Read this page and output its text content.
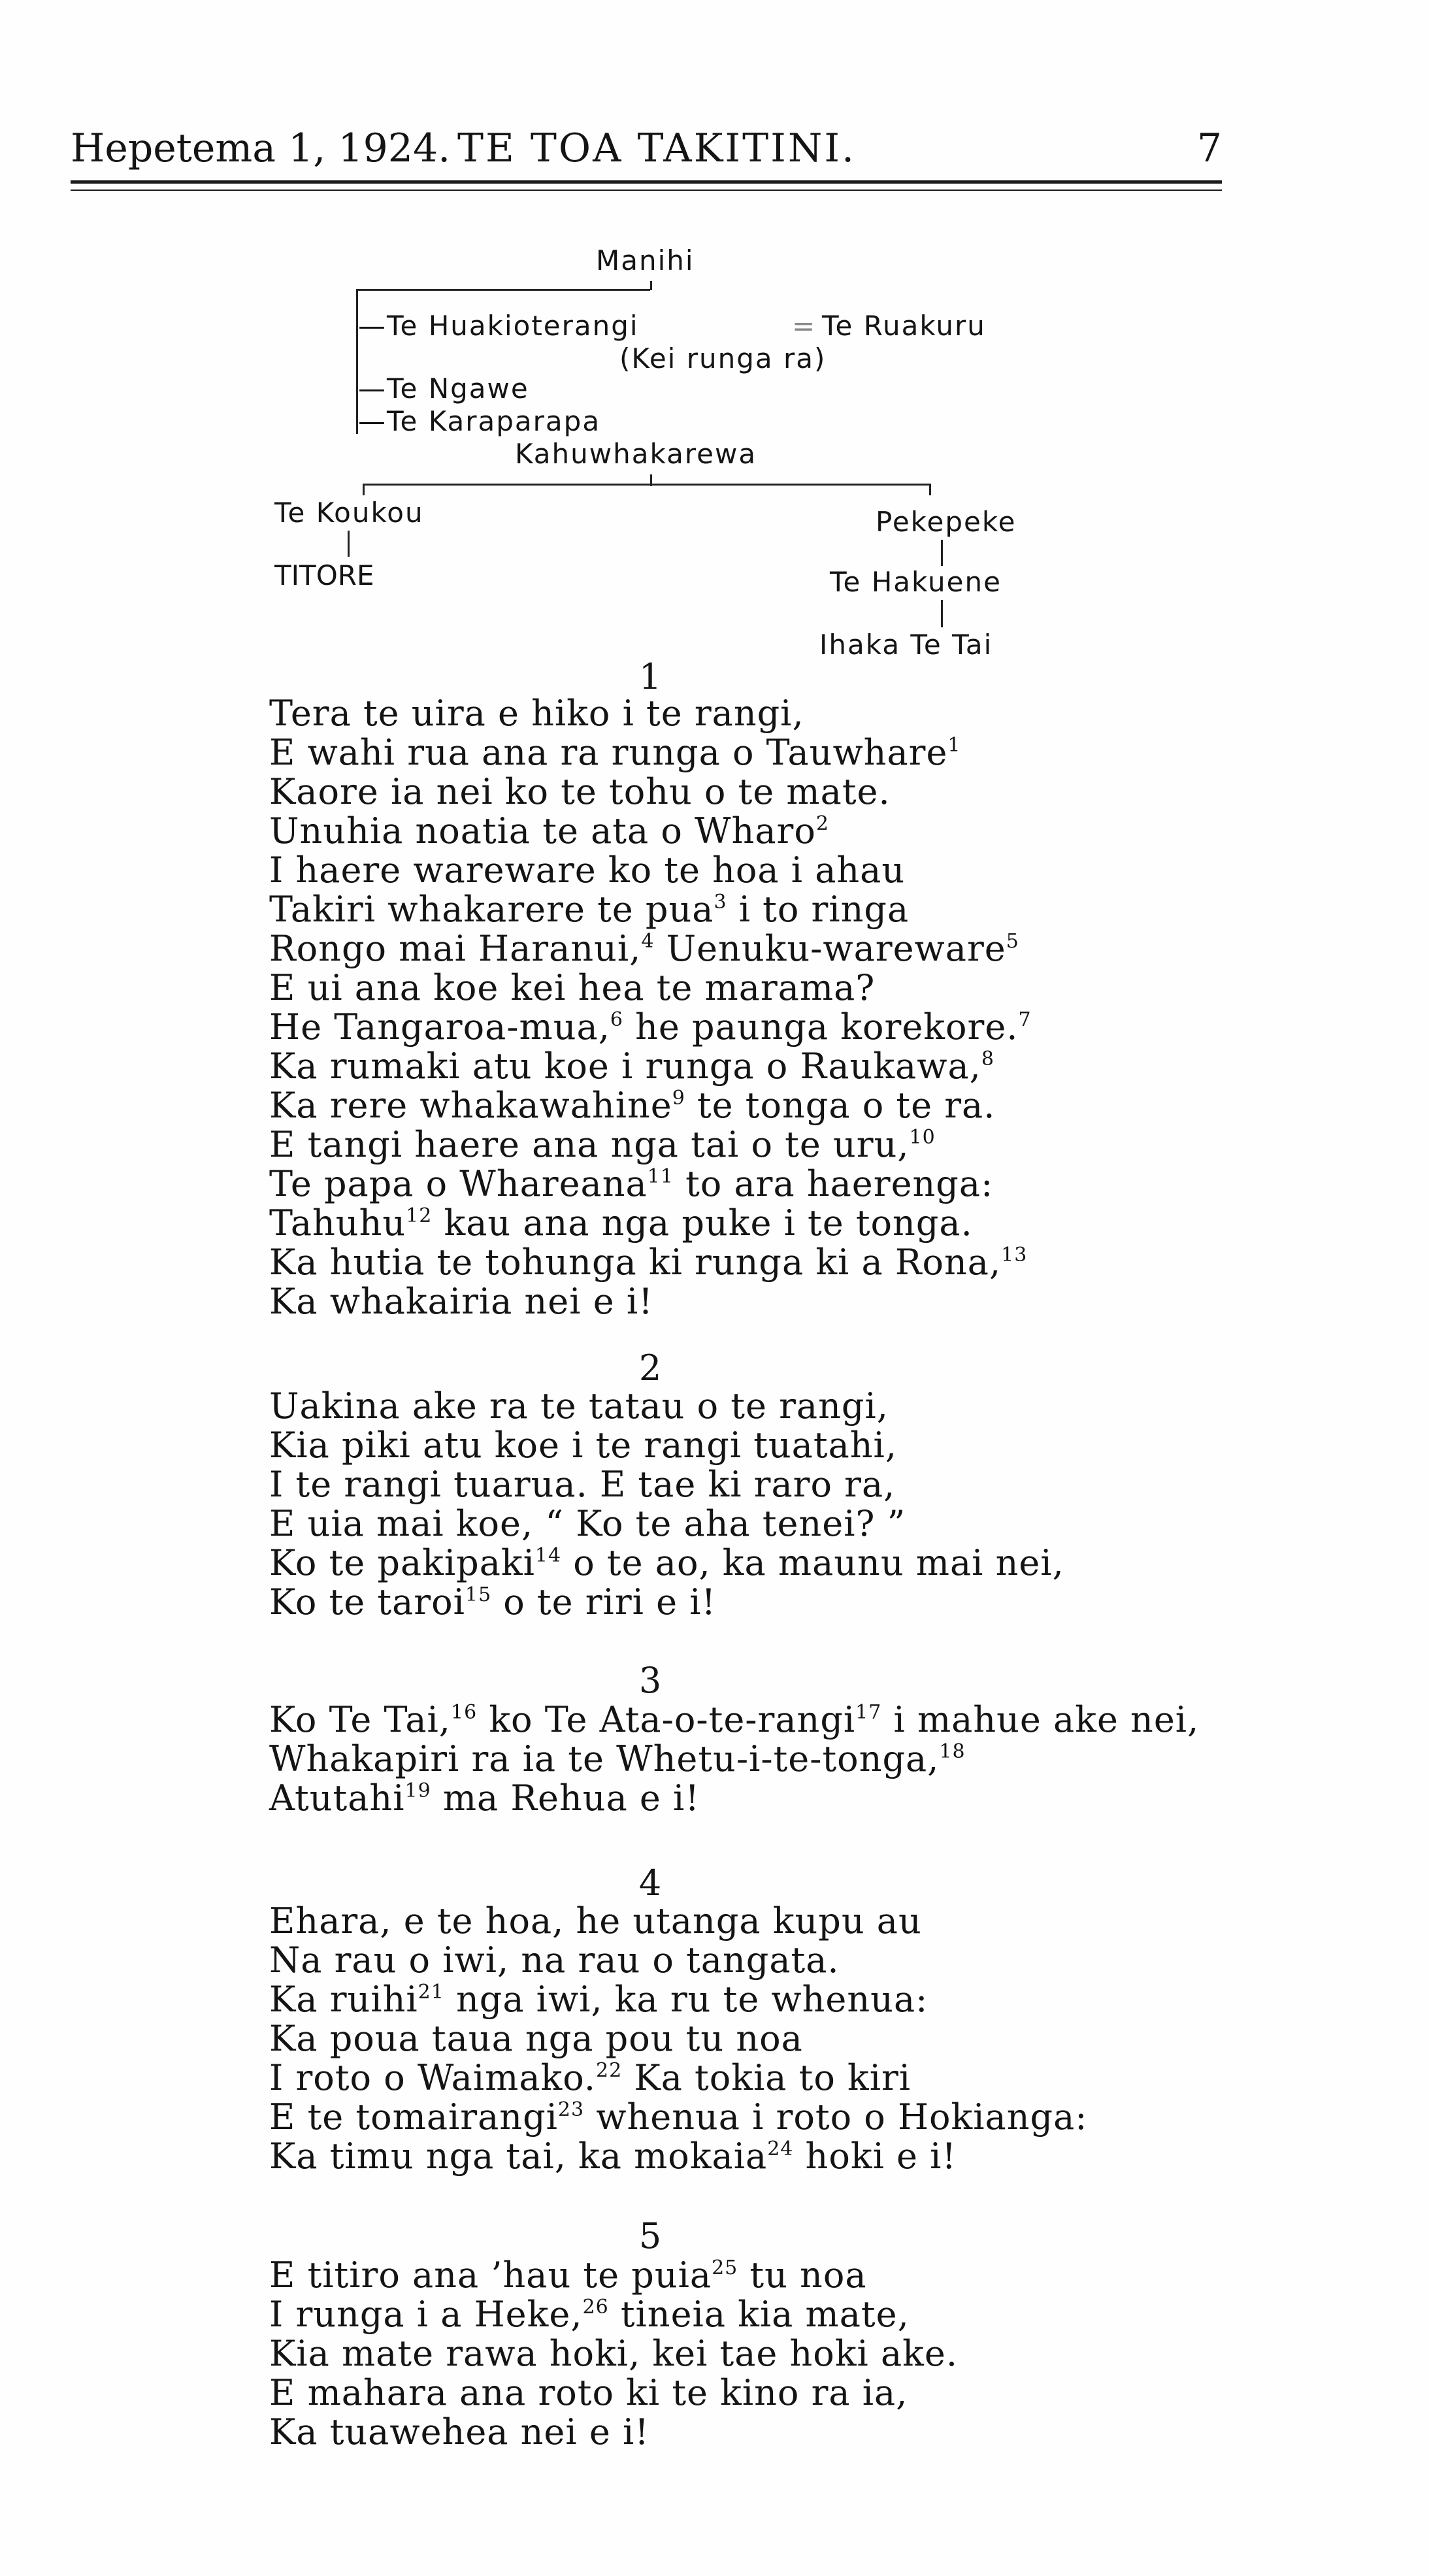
Hepetema 1, 1924. TE TOA TAKITINI.	7
Manihi
—Te Huakioterangi	= Te Ruakuru
(Kei runga ra)
—Te Ngawe
—Te Karaparapa
Kahuwhakarewa
Te Koukou
TITORE
Pekepeke
Te Hakuene
Ihaka Te Tai
1
Tera te uira e hiko i te rangi,
E wahi rua ana ra runga o Tauwhare$^1$
Kaore ia nei ko te tohu o te mate.
Unuhia noatia te ata o Wharo$^2$
I haere wareware ko te hoa i ahau
Takiri whakarere te pua$^3$ i to ringa
Rongo mai Haranui,$^4$ Uenuku-wareware$^5$
E ui ana koe kei hea te marama?
He Tangaroa-mua,$^6$ he paunga korekore.$^7$
Ka rumaki atu koe i runga o Raukawa,$^8$
Ka rere whakawahine$^9$ te tonga o te ra.
E tangi haere ana nga tai o te uru,$^{10}$
Te papa o Whareana$^{11}$ to ara haerenga:
Tahuhu$^{12}$ kau ana nga puke i te tonga.
Ka hutia te tohunga ki runga ki a Rona,$^{13}$
Ka whakairia nei e i!
2
Uakina ake ra te tatau o te rangi,
Kia piki atu koe i te rangi tuatahi,
I te rangi tuarua. E tae ki raro ra,
E uia mai koe, “ Ko te aha tenei? ”
Ko te pakipaki$^{14}$ o te ao, ka maunu mai nei,
Ko te taroi$^{15}$ o te riri e i!
3
Ko Te Tai,$^{16}$ ko Te Ata-o-te-rangi$^{17}$ i mahue ake nei,
Whakapiri ra ia te Whetu-i-te-tonga,$^{18}$
Atutahi$^{19}$ ma Rehua e i!
4
Ehara, e te hoa, he utanga kupu au
Na rau o iwi, na rau o tangata.
Ka ruihi$^{21}$ nga iwi, ka ru te whenua:
Ka poua taua nga pou tu noa
I roto o Waimako.$^{22}$ Ka tokia to kiri
E te tomairangi$^{23}$ whenua i roto o Hokianga:
Ka timu nga tai, ka mokaia$^{24}$ hoki e i!
5
E titiro ana ’hau te puia$^{25}$ tu noa
I runga i a Heke,$^{26}$ tineia kia mate,
Kia mate rawa hoki, kei tae hoki ake.
E mahara ana roto ki te kino ra ia,
Ka tuawehea nei e i!
